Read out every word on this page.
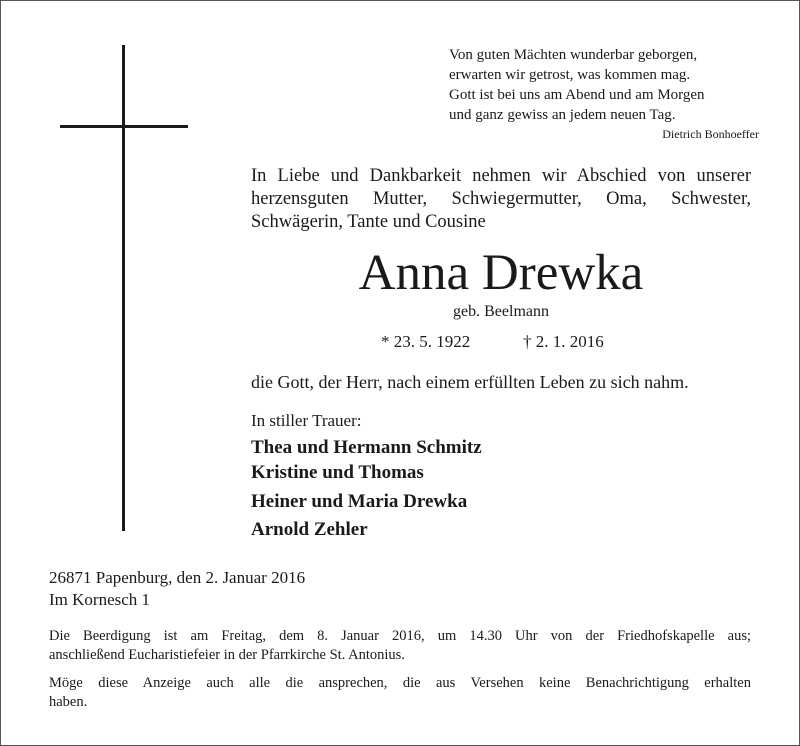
Von guten Mächten wunderbar geborgen,
erwarten wir getrost, was kommen mag.
Gott ist bei uns am Abend und am Morgen
und ganz gewiss an jedem neuen Tag.
Dietrich Bonhoeffer
In Liebe und Dankbarkeit nehmen wir Abschied von unserer
herzensguten Mutter, Schwiegermutter, Oma, Schwester,
Schwägerin, Tante und Cousine
Anna Drewka
geb. Beelmann
* 23. 5. 1922	† 2. 1. 2016
die Gott, der Herr, nach einem erfüllten Leben zu sich nahm.
In stiller Trauer:
Thea und Hermann Schmitz
Kristine und Thomas
Heiner und Maria Drewka
Arnold Zehler
26871 Papenburg, den 2. Januar 2016
Im Kornesch 1
Die Beerdigung ist am Freitag, dem 8. Januar 2016, um 14.30 Uhr von der Friedhofskapelle aus;
anschließend Eucharistiefeier in der Pfarrkirche St. Antonius.
Möge diese Anzeige auch alle die ansprechen, die aus Versehen keine Benachrichtigung erhalten
haben.
